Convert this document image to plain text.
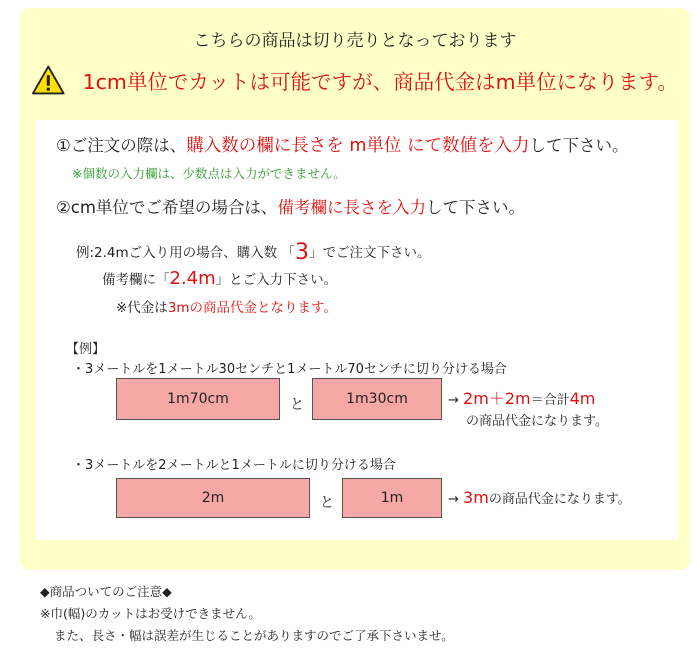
こちらの商品は切り売りとなっております
1cm単位でカットは可能ですが、商品代金はm単位になります。
①ご注文の際は、購入数の欄に長さを m単位 にて数値を入力して下さい。
※個数の入力欄は、少数点は入力ができません。
②cm単位でご希望の場合は、備考欄に長さを入力して下さい。
例:2.4mご入り用の場合、購入数 「3」でご注文下さい。
備考欄に「2.4m」とご入力下さい。
※代金は3mの商品代金となります。
【例】
・3メートルを1メートル30センチと1メートル70センチに切り分ける場合
1m70cm	と	1m30cm	→ 2m＋2m＝合計4m
の商品代金になります。
・3メートルを2メートルと1メートルに切り分ける場合
2m	と	1m	→ 3mの商品代金になります。
◆商品ついてのご注意◆
※巾(幅)のカットはお受けできません。
また、長さ・幅は誤差が生じることがありますのでご了承下さいませ。
